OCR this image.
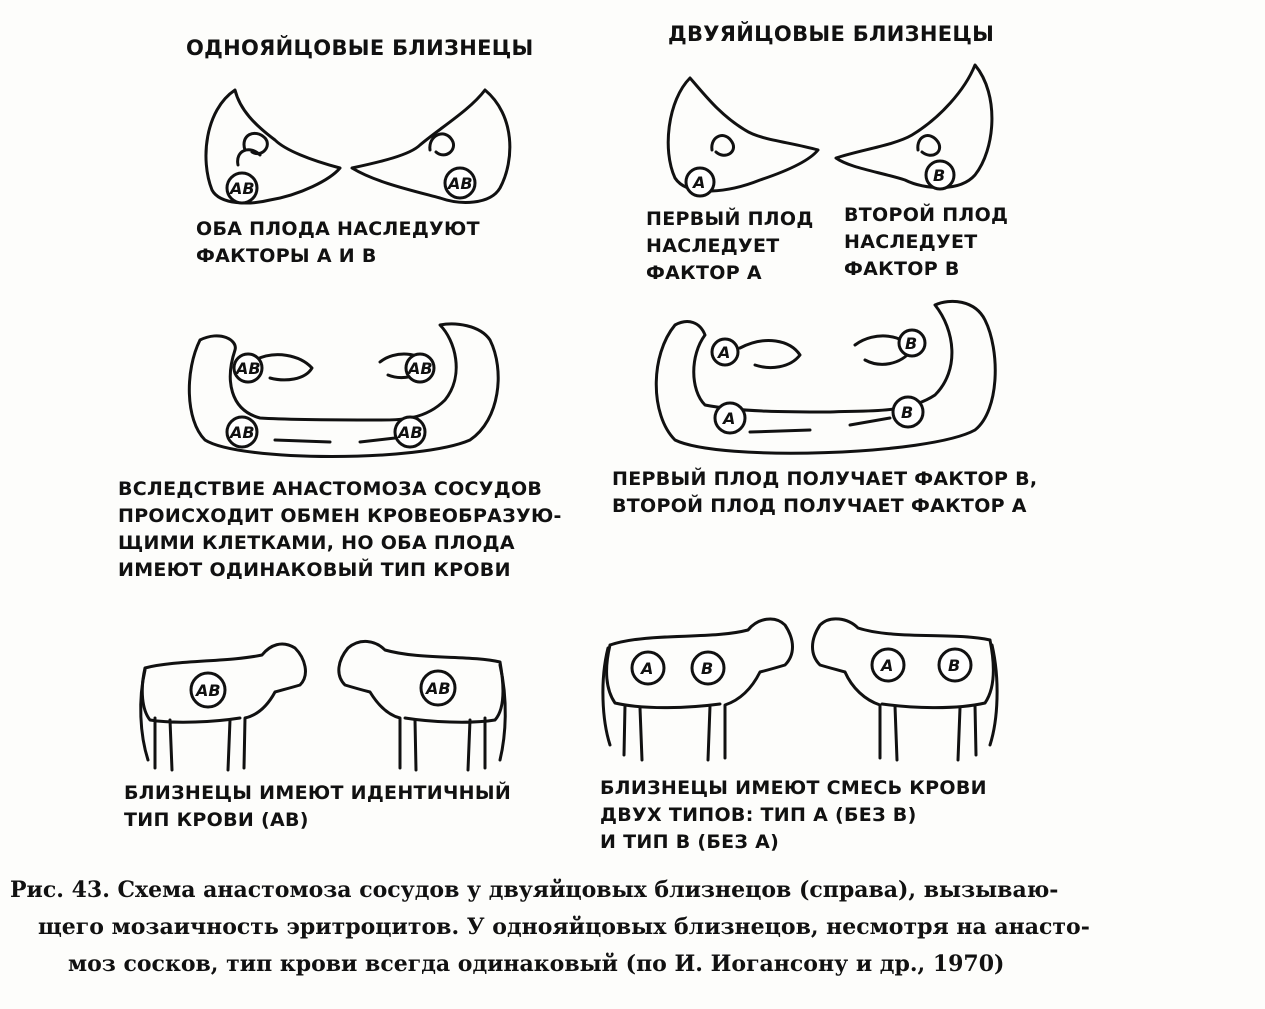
АВ	АВ	А	В
АВ	АВ
АВ	АВ
А	В
А	В
АВ	АВ
А	В	А	В
ОДНОЯЙЦОВЫЕ БЛИЗНЕЦЫ
ДВУЯЙЦОВЫЕ БЛИЗНЕЦЫ
ОБА ПЛОДА НАСЛЕДУЮТ
ФАКТОРЫ А И В
ПЕРВЫЙ ПЛОД
НАСЛЕДУЕТ
ФАКТОР А
ВТОРОЙ ПЛОД
НАСЛЕДУЕТ
ФАКТОР В
ВСЛЕДСТВИЕ АНАСТОМОЗА СОСУДОВ
ПРОИСХОДИТ ОБМЕН КРОВЕОБРАЗУЮ-
ЩИМИ КЛЕТКАМИ, НО ОБА ПЛОДА
ИМЕЮТ ОДИНАКОВЫЙ ТИП КРОВИ
ПЕРВЫЙ ПЛОД ПОЛУЧАЕТ ФАКТОР В,
ВТОРОЙ ПЛОД ПОЛУЧАЕТ ФАКТОР А
БЛИЗНЕЦЫ ИМЕЮТ ИДЕНТИЧНЫЙ
ТИП КРОВИ (АВ)
БЛИЗНЕЦЫ ИМЕЮТ СМЕСЬ КРОВИ
ДВУХ ТИПОВ: ТИП А (БЕЗ В)
И ТИП В (БЕЗ А)
Рис. 43. Схема анастомоза сосудов у двуяйцовых близнецов (справа), вызываю-
щего мозаичность эритроцитов. У однояйцовых близнецов, несмотря на анасто-
моз сосков, тип крови всегда одинаковый (по И. Иогансону и др., 1970)
